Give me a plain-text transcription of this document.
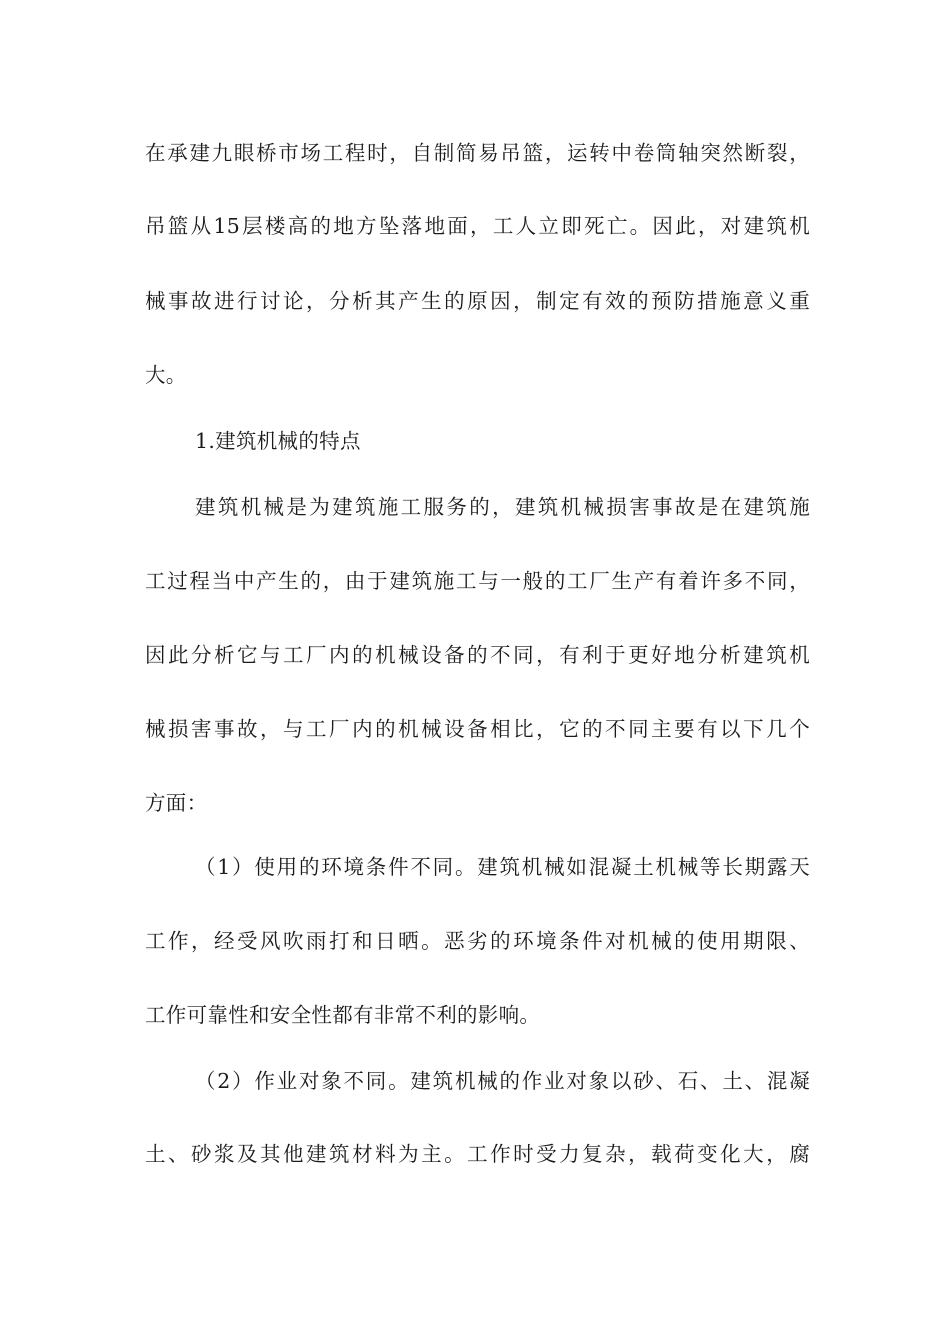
在承建九眼桥市场工程时，自制简易吊篮，运转中卷筒轴突然断裂，
吊篮从15层楼高的地方坠落地面，工人立即死亡。因此，对建筑机
械事故进行讨论，分析其产生的原因，制定有效的预防措施意义重
大。
1.建筑机械的特点
建筑机械是为建筑施工服务的，建筑机械损害事故是在建筑施
工过程当中产生的，由于建筑施工与一般的工厂生产有着许多不同，
因此分析它与工厂内的机械设备的不同，有利于更好地分析建筑机
械损害事故，与工厂内的机械设备相比，它的不同主要有以下几个
方面：
（1）使用的环境条件不同。建筑机械如混凝土机械等长期露天
工作，经受风吹雨打和日晒。恶劣的环境条件对机械的使用期限、
工作可靠性和安全性都有非常不利的影响。
（2）作业对象不同。建筑机械的作业对象以砂、石、土、混凝
土、砂浆及其他建筑材料为主。工作时受力复杂，载荷变化大，腐
